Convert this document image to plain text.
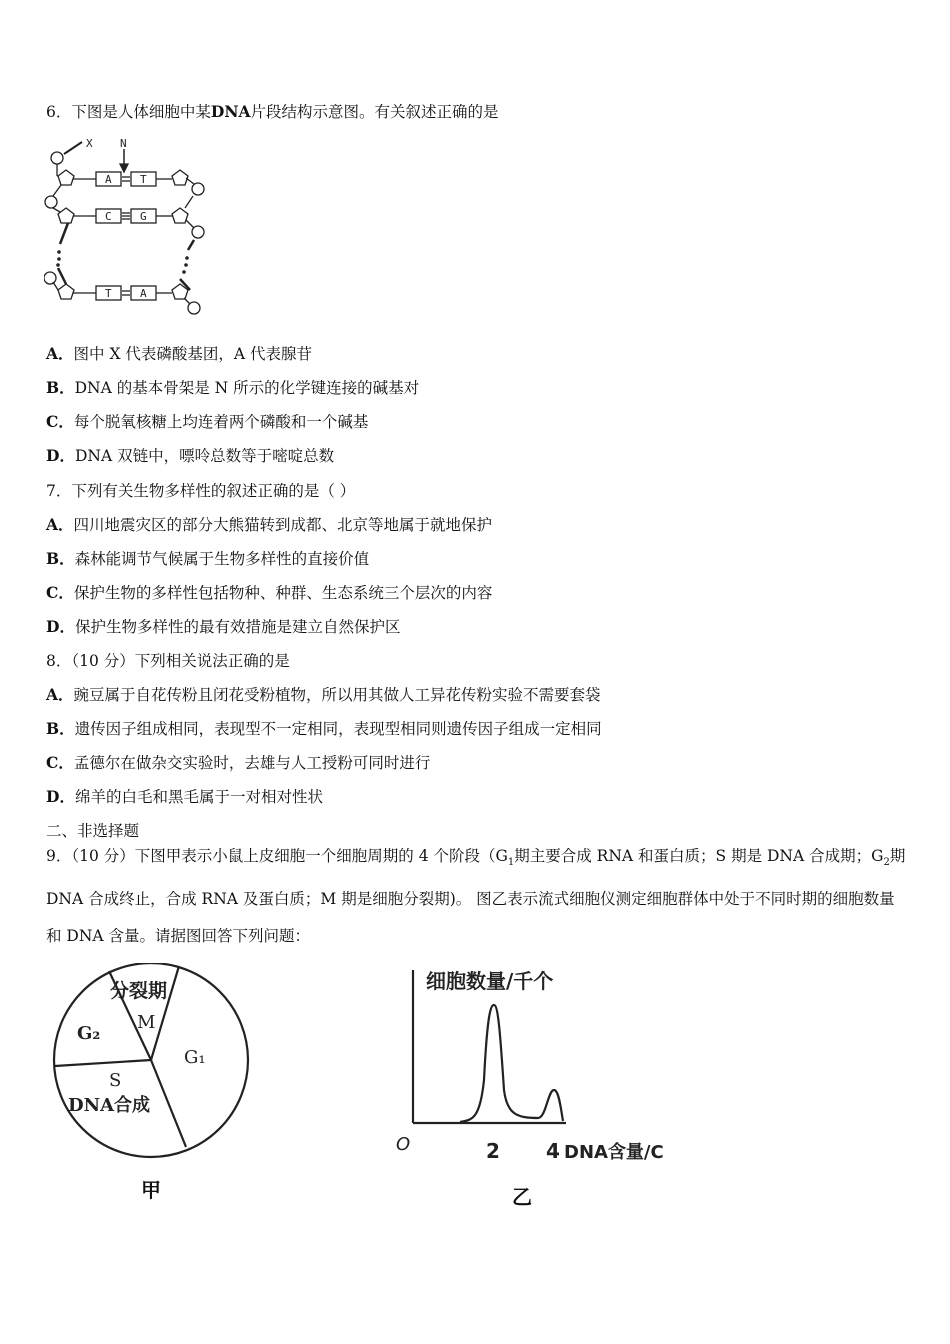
6．下图是人体细胞中某DNA片段结构示意图。有关叙述正确的是
X N
A	T
C	G
T	A
A．图中 X 代表磷酸基团，A 代表腺苷
B．DNA 的基本骨架是 N 所示的化学键连接的碱基对
C．每个脱氧核糖上均连着两个磷酸和一个碱基
D．DNA 双链中，嘌呤总数等于嘧啶总数
7．下列有关生物多样性的叙述正确的是（ ）
A．四川地震灾区的部分大熊猫转到成都、北京等地属于就地保护
B．森林能调节气候属于生物多样性的直接价值
C．保护生物的多样性包括物种、种群、生态系统三个层次的内容
D．保护生物多样性的最有效措施是建立自然保护区
8．（10 分）下列相关说法正确的是
A．豌豆属于自花传粉且闭花受粉植物，所以用其做人工异花传粉实验不需要套袋
B．遗传因子组成相同，表现型不一定相同，表现型相同则遗传因子组成一定相同
C．孟德尔在做杂交实验时，去雄与人工授粉可同时进行
D．绵羊的白毛和黑毛属于一对相对性状
二、非选择题
9．（10 分）下图甲表示小鼠上皮细胞一个细胞周期的 4 个阶段（$G_1$期主要合成 RNA 和蛋白质；S 期是 DNA 合成期；$G_2$期 DNA 合成终止，合成 RNA 及蛋白质；M 期是细胞分裂期)。 图乙表示流式细胞仪测定细胞群体中处于不同时期的细胞数量和 DNA 含量。请据图回答下列问题：
分裂期
M
G₂
G₁
S
DNA合成
甲
细胞数量/千个
O	2 4 DNA含量/C
乙
